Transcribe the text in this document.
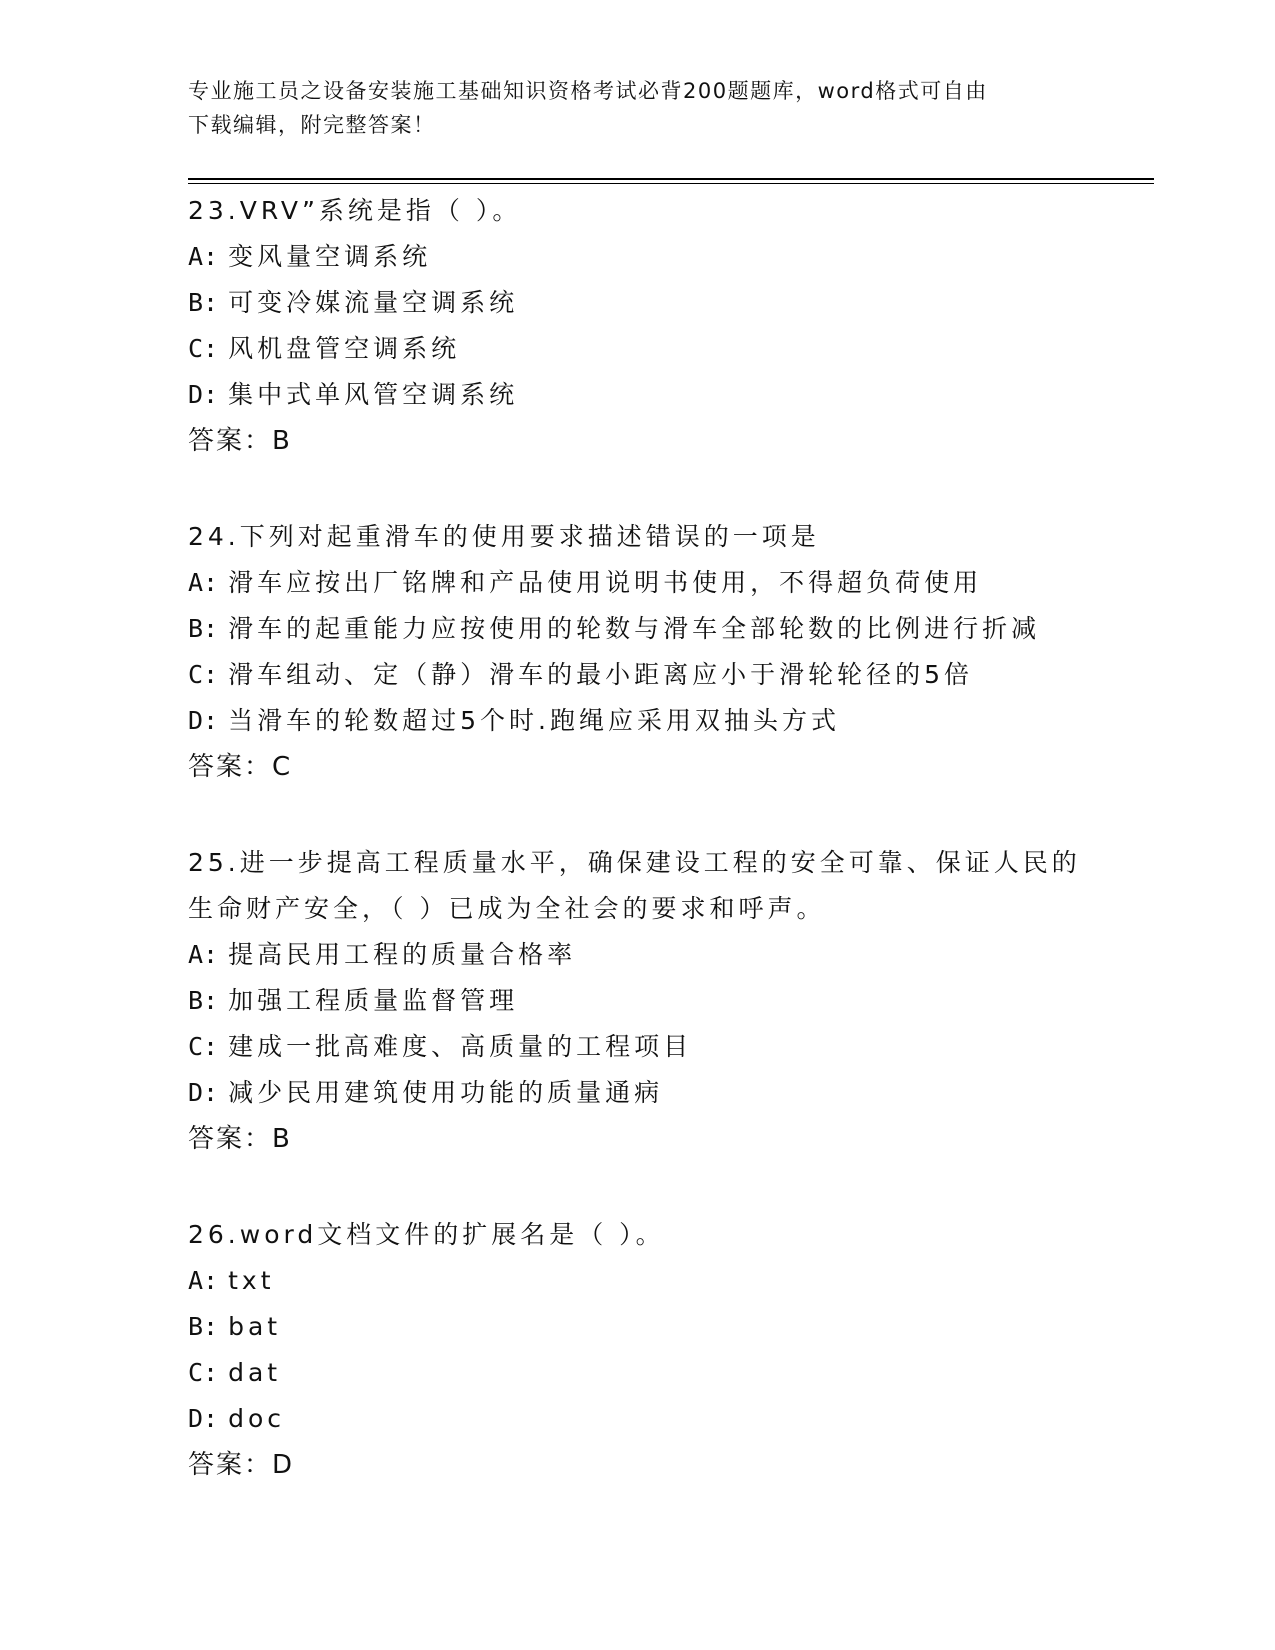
专业施工员之设备安装施工基础知识资格考试必背200题题库，word格式可自由
下载编辑，附完整答案！
23.VRV”系统是指（ ）。
A: 变风量空调系统
B: 可变冷媒流量空调系统
C: 风机盘管空调系统
D: 集中式单风管空调系统
答案：B
24.下列对起重滑车的使用要求描述错误的一项是
A: 滑车应按出厂铭牌和产品使用说明书使用，不得超负荷使用
B: 滑车的起重能力应按使用的轮数与滑车全部轮数的比例进行折减
C: 滑车组动、定（静）滑车的最小距离应小于滑轮轮径的5倍
D: 当滑车的轮数超过5个时.跑绳应采用双抽头方式
答案：C
25.进一步提高工程质量水平，确保建设工程的安全可靠、保证人民的生命财产安全，（ ）已成为全社会的要求和呼声。
A: 提高民用工程的质量合格率
B: 加强工程质量监督管理
C: 建成一批高难度、高质量的工程项目
D: 减少民用建筑使用功能的质量通病
答案：B
26.word文档文件的扩展名是（ ）。
A: txt
B: bat
C: dat
D: doc
答案：D
